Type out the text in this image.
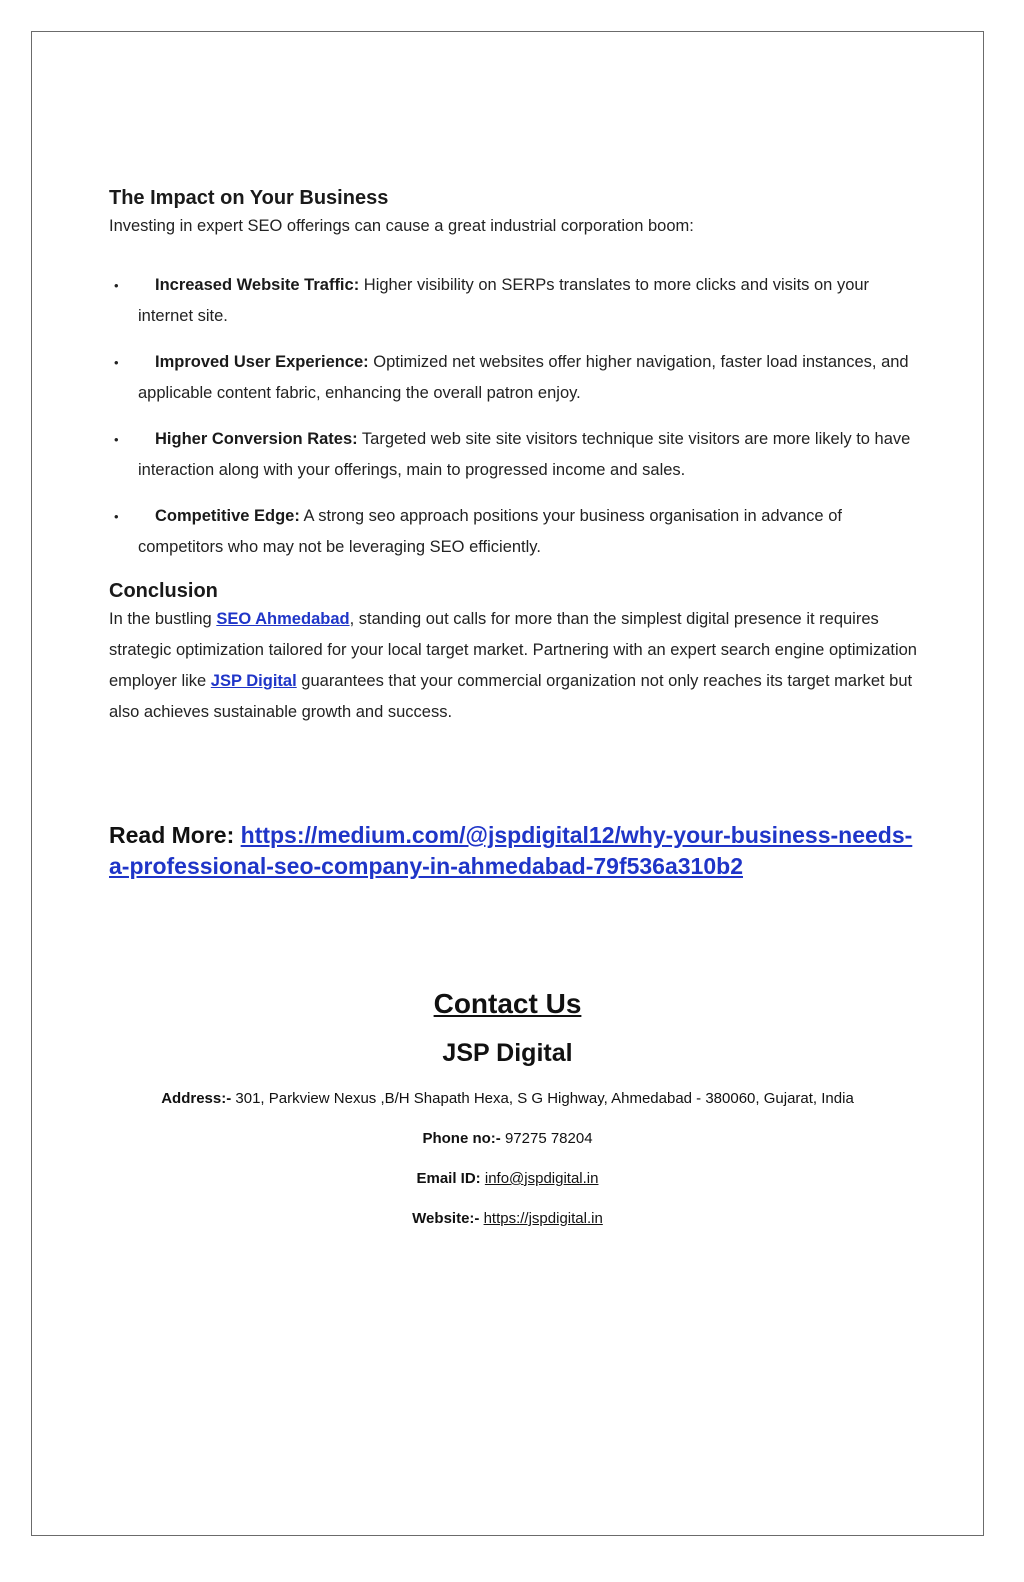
The Impact on Your Business

Investing in expert SEO offerings can cause a great industrial corporation boom:

• Increased Website Traffic: Higher visibility on SERPs translates to more clicks and visits on your internet site.
• Improved User Experience: Optimized net websites offer higher navigation, faster load instances, and applicable content fabric, enhancing the overall patron enjoy.
• Higher Conversion Rates: Targeted web site site visitors technique site visitors are more likely to have interaction along with your offerings, main to progressed income and sales.
• Competitive Edge: A strong seo approach positions your business organisation in advance of competitors who may not be leveraging SEO efficiently.
Conclusion

In the bustling SEO Ahmedabad, standing out calls for more than the simplest digital presence it requires strategic optimization tailored for your local target market. Partnering with an expert search engine optimization employer like JSP Digital guarantees that your commercial organization not only reaches its target market but also achieves sustainable growth and success.

Read More: https://medium.com/@jspdigital12/why-your-business-needs-a-professional-seo-company-in-ahmedabad-79f536a310b2

Contact Us

JSP Digital

Address:- 301, Parkview Nexus ,B/H Shapath Hexa, S G Highway, Ahmedabad - 380060, Gujarat, India

Phone no:- 97275 78204

Email ID: info@jspdigital.in

Website:- https://jspdigital.in
